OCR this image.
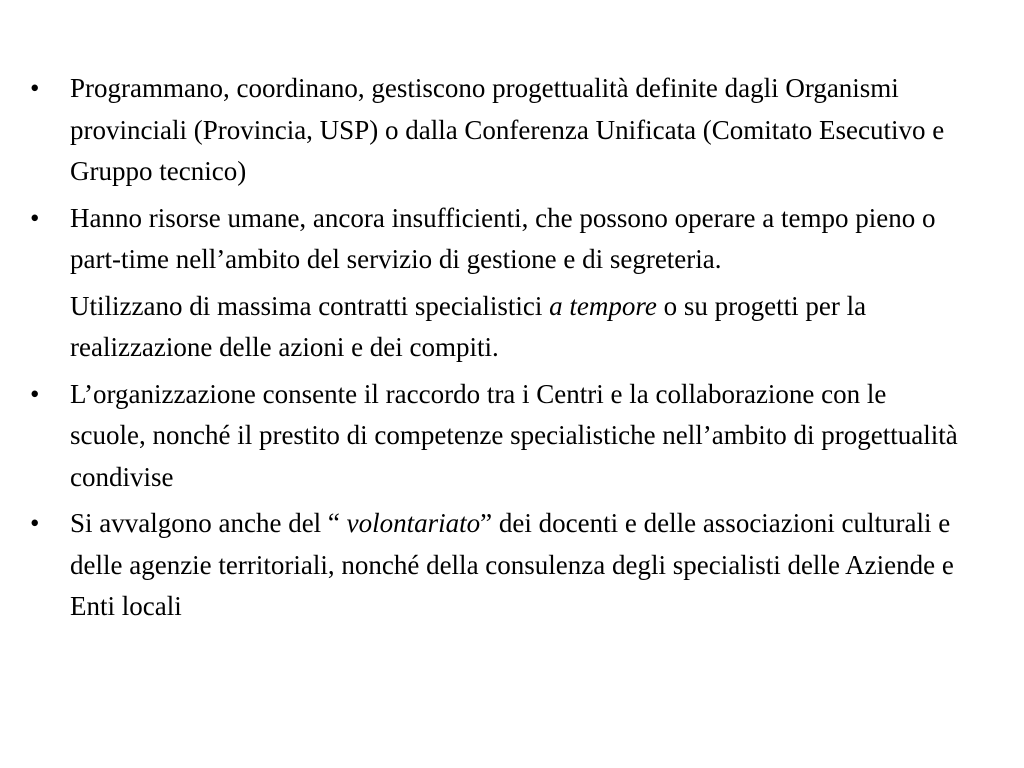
•	Programmano, coordinano, gestiscono progettualità definite dagli Organismi provinciali (Provincia, USP) o dalla Conferenza Unificata (Comitato Esecutivo e Gruppo tecnico)
•	Hanno risorse umane, ancora insufficienti, che possono operare a tempo pieno o part-time nell’ambito del servizio di gestione e di segreteria.
Utilizzano di massima contratti specialistici a tempore o su progetti per la realizzazione delle azioni e dei compiti.
•	L’organizzazione consente il raccordo tra i Centri e la collaborazione con le scuole, nonché il prestito di competenze specialistiche nell’ambito di progettualità condivise
•	Si avvalgono anche del “ volontariato” dei docenti e delle associazioni culturali e delle agenzie territoriali, nonché della consulenza degli specialisti delle Aziende e Enti locali
